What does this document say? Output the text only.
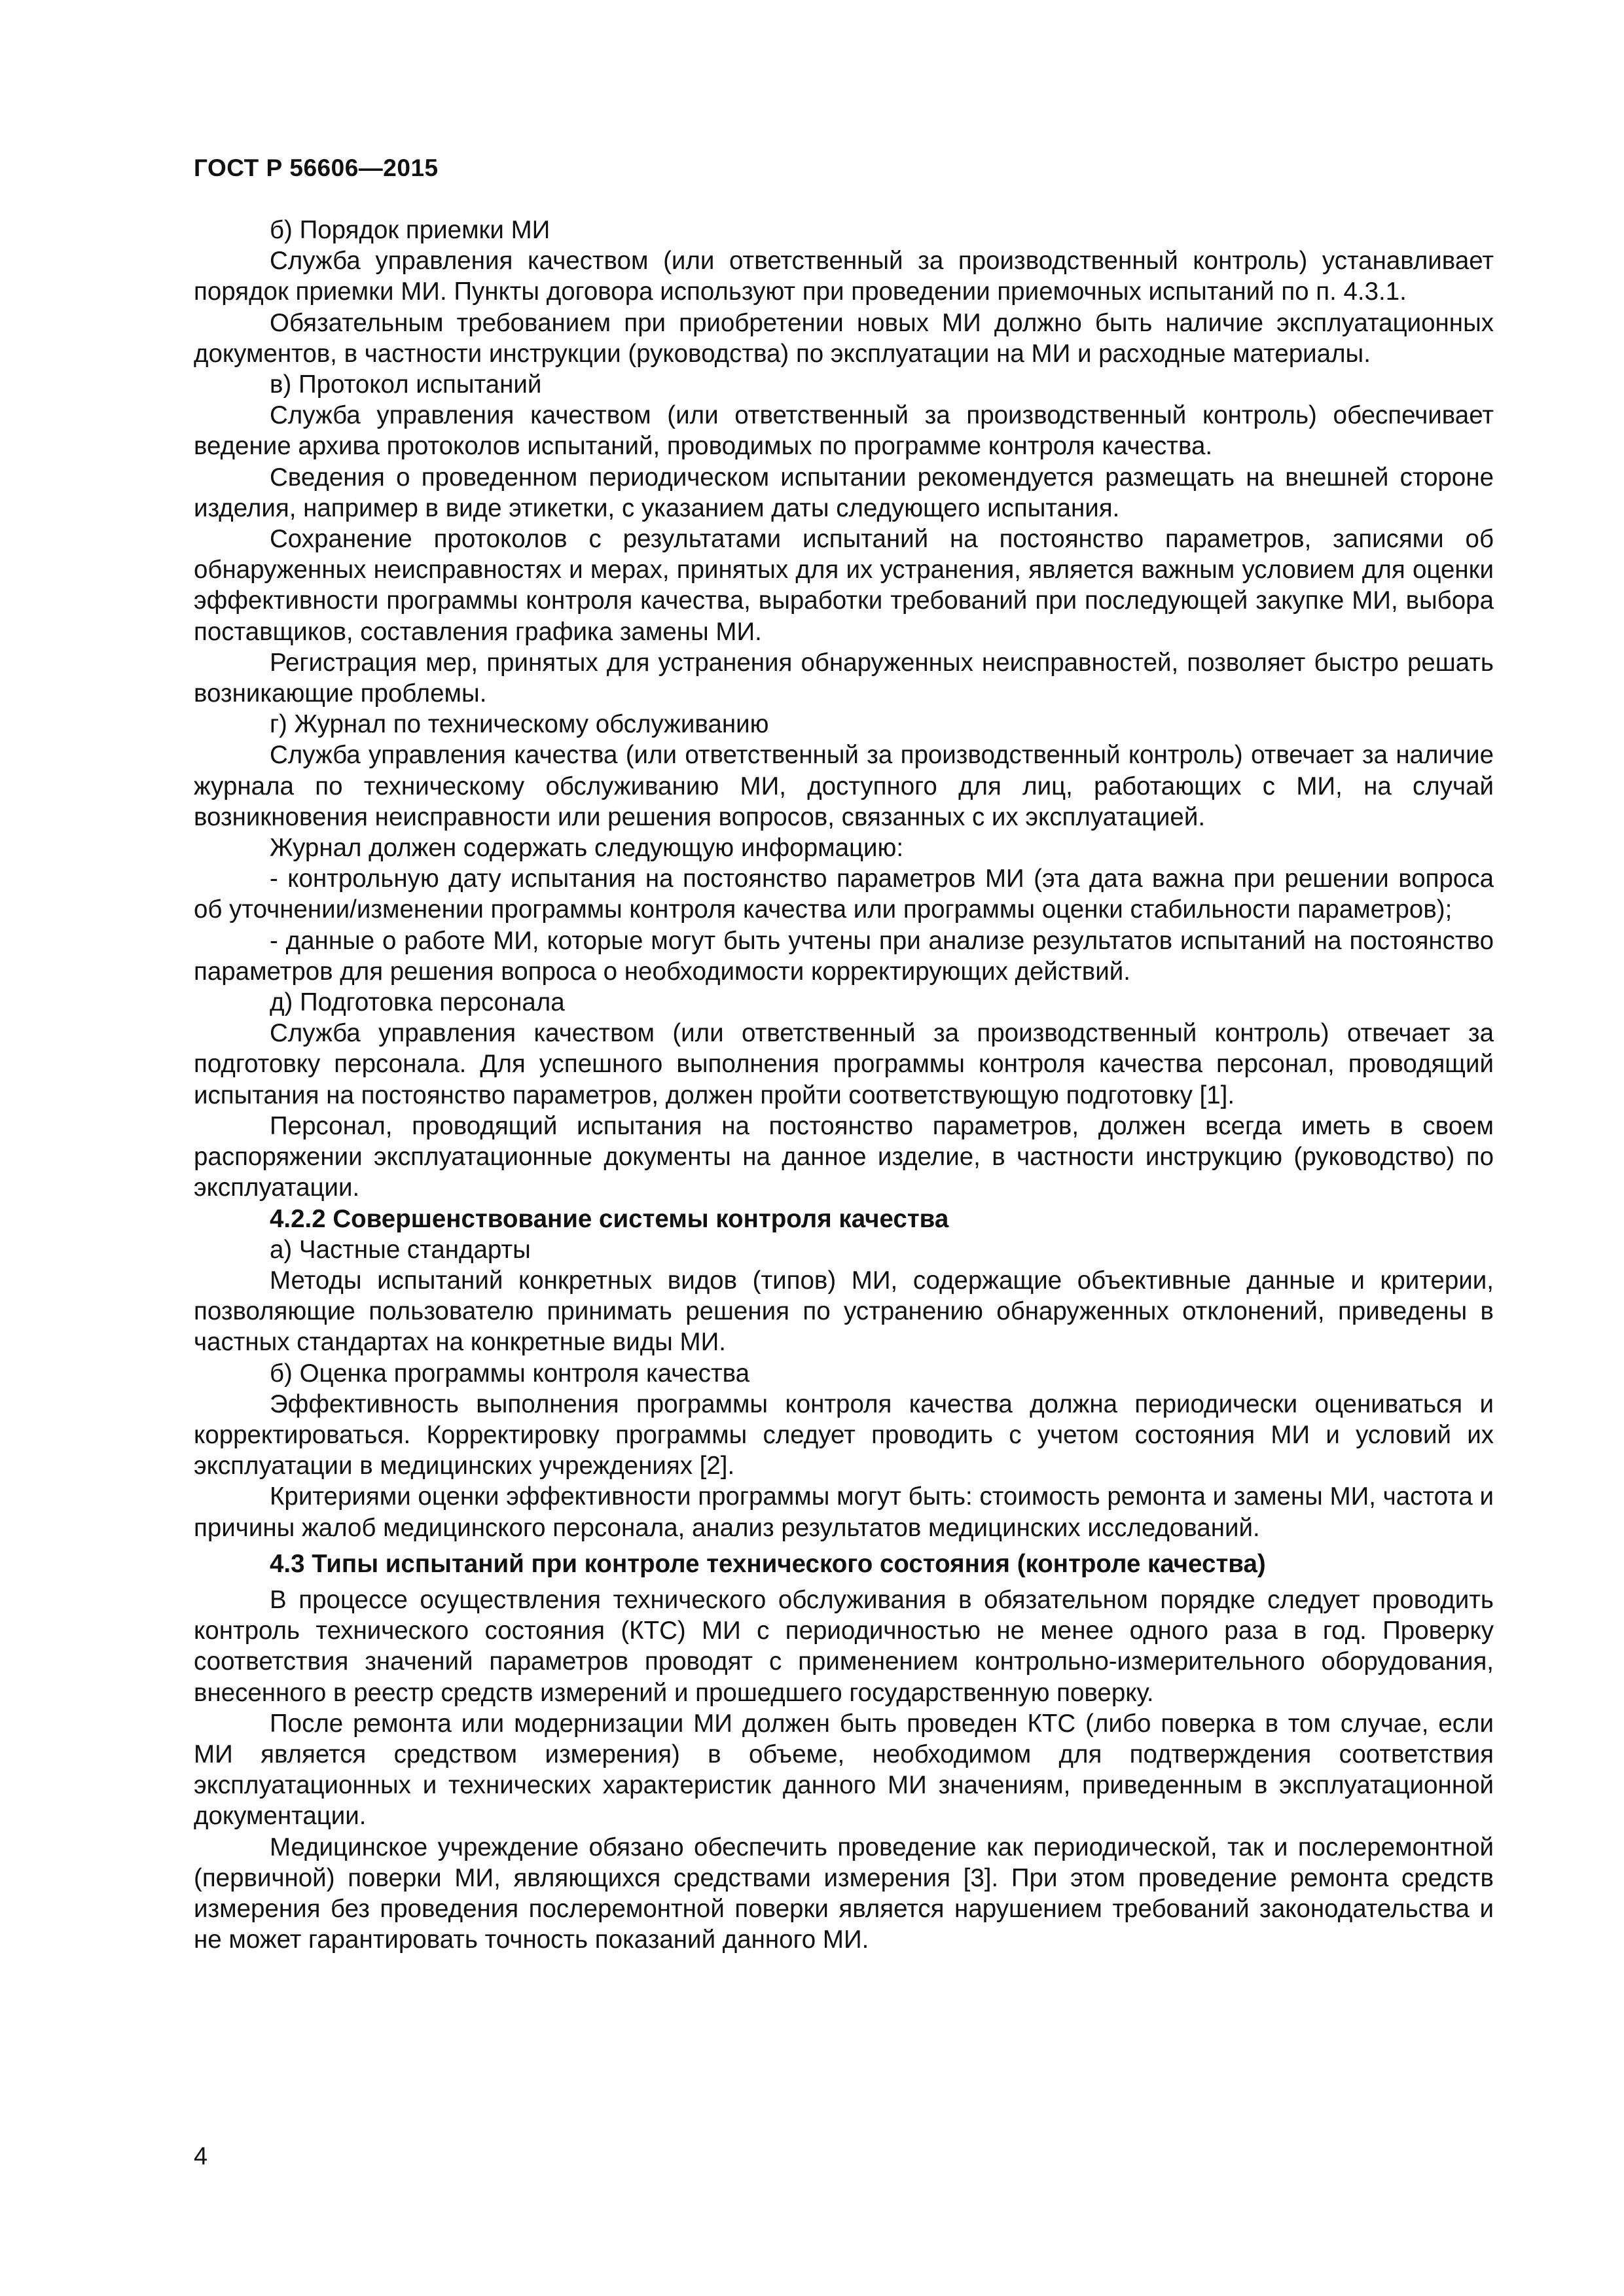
ГОСТ Р 56606—2015

б) Порядок приемки МИ

Служба управления качеством (или ответственный за производственный контроль) устанавливает порядок приемки МИ. Пункты договора используют при проведении приемочных испытаний по п. 4.3.1.

Обязательным требованием при приобретении новых МИ должно быть наличие эксплуатационных документов, в частности инструкции (руководства) по эксплуатации на МИ и расходные материалы.

в) Протокол испытаний

Служба управления качеством (или ответственный за производственный контроль) обеспечивает ведение архива протоколов испытаний, проводимых по программе контроля качества.

Сведения о проведенном периодическом испытании рекомендуется размещать на внешней стороне изделия, например в виде этикетки, с указанием даты следующего испытания.

Сохранение протоколов с результатами испытаний на постоянство параметров, записями об обнаруженных неисправностях и мерах, принятых для их устранения, является важным условием для оценки эффективности программы контроля качества, выработки требований при последующей закупке МИ, выбора поставщиков, составления графика замены МИ.

Регистрация мер, принятых для устранения обнаруженных неисправностей, позволяет быстро решать возникающие проблемы.

г) Журнал по техническому обслуживанию

Служба управления качества (или ответственный за производственный контроль) отвечает за наличие журнала по техническому обслуживанию МИ, доступного для лиц, работающих с МИ, на случай возникновения неисправности или решения вопросов, связанных с их эксплуатацией.

Журнал должен содержать следующую информацию:

- контрольную дату испытания на постоянство параметров МИ (эта дата важна при решении вопроса об уточнении/изменении программы контроля качества или программы оценки стабильности параметров);

- данные о работе МИ, которые могут быть учтены при анализе результатов испытаний на постоянство параметров для решения вопроса о необходимости корректирующих действий.

д) Подготовка персонала

Служба управления качеством (или ответственный за производственный контроль) отвечает за подготовку персонала. Для успешного выполнения программы контроля качества персонал, проводящий испытания на постоянство параметров, должен пройти соответствующую подготовку [1].

Персонал, проводящий испытания на постоянство параметров, должен всегда иметь в своем распоряжении эксплуатационные документы на данное изделие, в частности инструкцию (руководство) по эксплуатации.

4.2.2 Совершенствование системы контроля качества

а) Частные стандарты

Методы испытаний конкретных видов (типов) МИ, содержащие объективные данные и критерии, позволяющие пользователю принимать решения по устранению обнаруженных отклонений, приведены в частных стандартах на конкретные виды МИ.

б) Оценка программы контроля качества

Эффективность выполнения программы контроля качества должна периодически оцениваться и корректироваться. Корректировку программы следует проводить с учетом состояния МИ и условий их эксплуатации в медицинских учреждениях [2].

Критериями оценки эффективности программы могут быть: стоимость ремонта и замены МИ, частота и причины жалоб медицинского персонала, анализ результатов медицинских исследований.

4.3 Типы испытаний при контроле технического состояния (контроле качества)

В процессе осуществления технического обслуживания в обязательном порядке следует проводить контроль технического состояния (КТС) МИ с периодичностью не менее одного раза в год. Проверку соответствия значений параметров проводят с применением контрольно-измерительного оборудования, внесенного в реестр средств измерений и прошедшего государственную поверку.

После ремонта или модернизации МИ должен быть проведен КТС (либо поверка в том случае, если МИ является средством измерения) в объеме, необходимом для подтверждения соответствия эксплуатационных и технических характеристик данного МИ значениям, приведенным в эксплуатационной документации.

Медицинское учреждение обязано обеспечить проведение как периодической, так и послеремонтной (первичной) поверки МИ, являющихся средствами измерения [3]. При этом проведение ремонта средств измерения без проведения послеремонтной поверки является нарушением требований законодательства и не может гарантировать точность показаний данного МИ.

4
